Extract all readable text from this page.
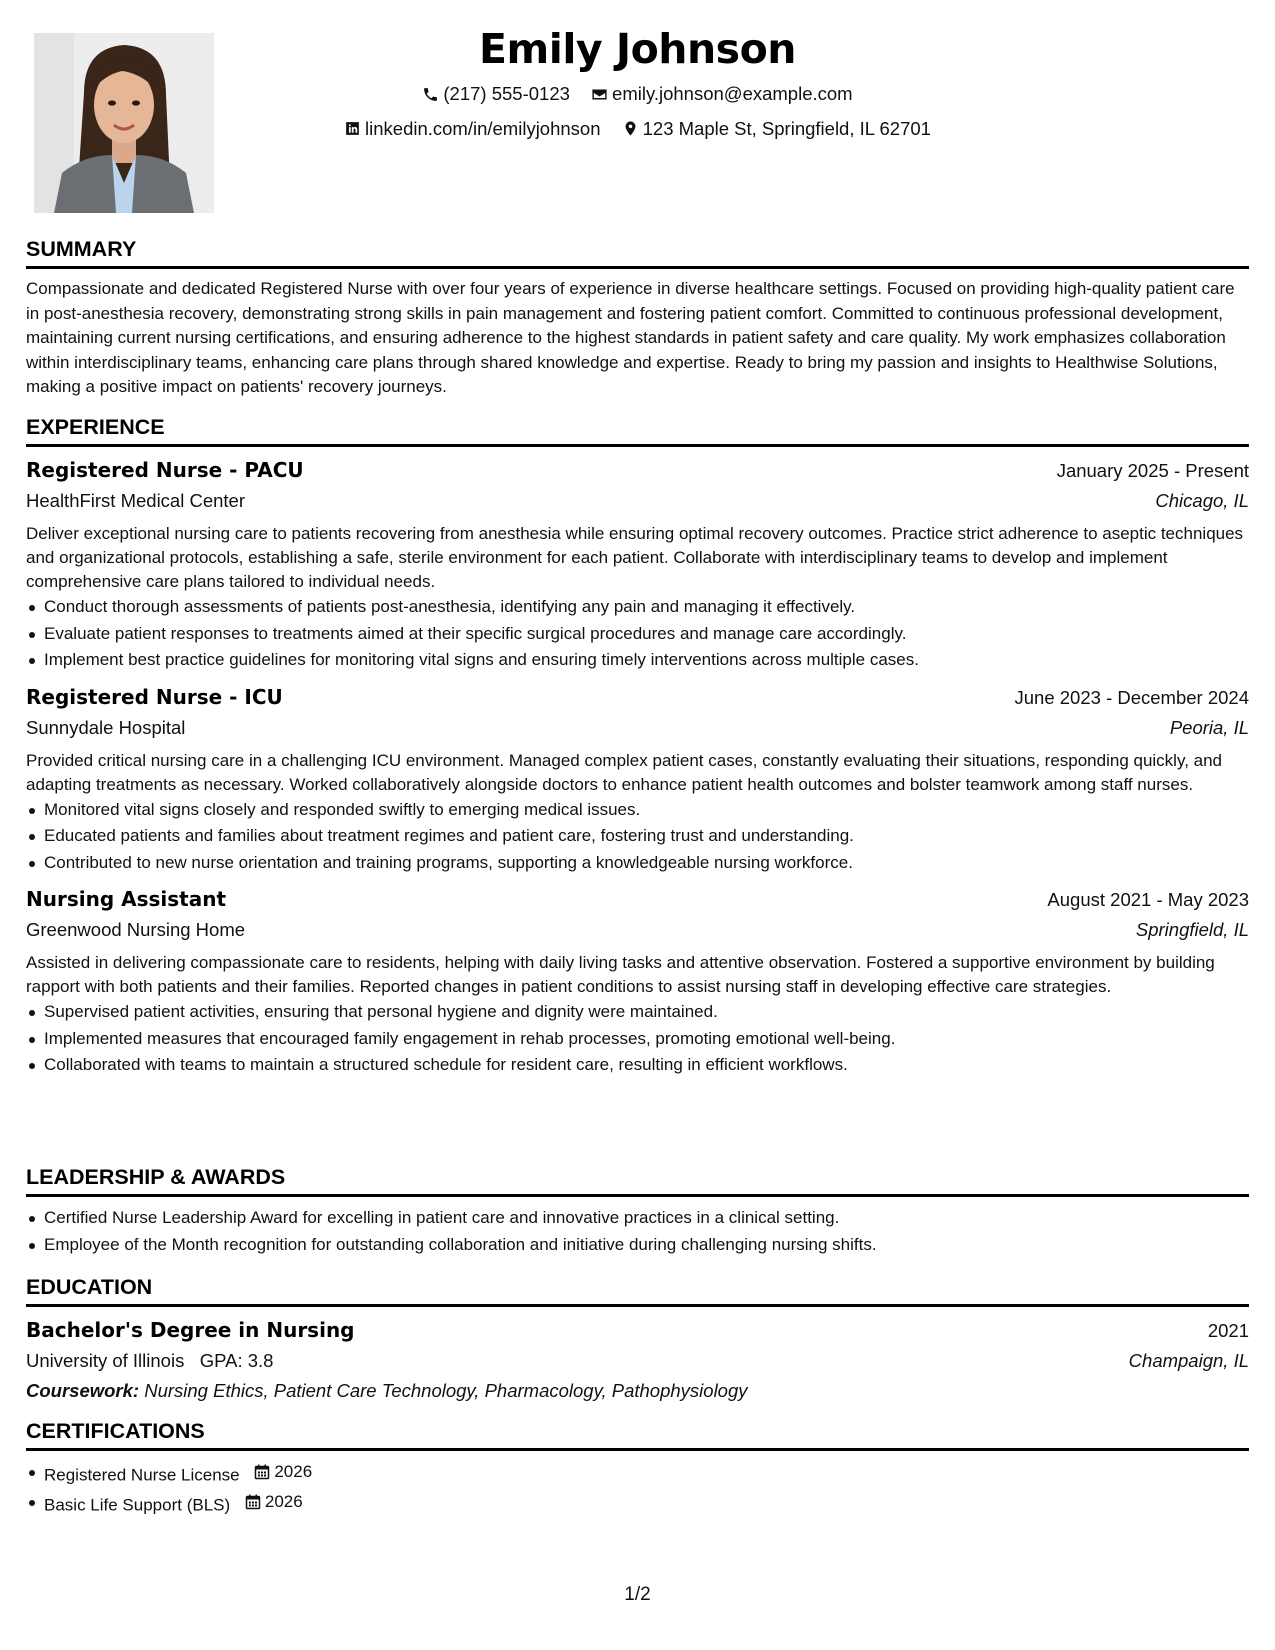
Emily Johnson
(217) 555-0123
emily.johnson@example.com
linkedin.com/in/emilyjohnson
123 Maple St, Springfield, IL 62701
SUMMARY
Compassionate and dedicated Registered Nurse with over four years of experience in diverse healthcare settings. Focused on providing high-quality patient care in post-anesthesia recovery, demonstrating strong skills in pain management and fostering patient comfort. Committed to continuous professional development, maintaining current nursing certifications, and ensuring adherence to the highest standards in patient safety and care quality. My work emphasizes collaboration within interdisciplinary teams, enhancing care plans through shared knowledge and expertise. Ready to bring my passion and insights to Healthwise Solutions, making a positive impact on patients' recovery journeys.
EXPERIENCE
Registered Nurse - PACU	January 2025 - Present
HealthFirst Medical Center	Chicago, IL
Deliver exceptional nursing care to patients recovering from anesthesia while ensuring optimal recovery outcomes. Practice strict adherence to aseptic techniques and organizational protocols, establishing a safe, sterile environment for each patient. Collaborate with interdisciplinary teams to develop and implement comprehensive care plans tailored to individual needs.
Conduct thorough assessments of patients post-anesthesia, identifying any pain and managing it effectively.
Evaluate patient responses to treatments aimed at their specific surgical procedures and manage care accordingly.
Implement best practice guidelines for monitoring vital signs and ensuring timely interventions across multiple cases.
Registered Nurse - ICU	June 2023 - December 2024
Sunnydale Hospital	Peoria, IL
Provided critical nursing care in a challenging ICU environment. Managed complex patient cases, constantly evaluating their situations, responding quickly, and adapting treatments as necessary. Worked collaboratively alongside doctors to enhance patient health outcomes and bolster teamwork among staff nurses.
Monitored vital signs closely and responded swiftly to emerging medical issues.
Educated patients and families about treatment regimes and patient care, fostering trust and understanding.
Contributed to new nurse orientation and training programs, supporting a knowledgeable nursing workforce.
Nursing Assistant	August 2021 - May 2023
Greenwood Nursing Home	Springfield, IL
Assisted in delivering compassionate care to residents, helping with daily living tasks and attentive observation. Fostered a supportive environment by building rapport with both patients and their families. Reported changes in patient conditions to assist nursing staff in developing effective care strategies.
Supervised patient activities, ensuring that personal hygiene and dignity were maintained.
Implemented measures that encouraged family engagement in rehab processes, promoting emotional well-being.
Collaborated with teams to maintain a structured schedule for resident care, resulting in efficient workflows.
LEADERSHIP & AWARDS
Certified Nurse Leadership Award for excelling in patient care and innovative practices in a clinical setting.
Employee of the Month recognition for outstanding collaboration and initiative during challenging nursing shifts.
EDUCATION
Bachelor's Degree in Nursing	2021
University of Illinois GPA: 3.8	Champaign, IL
Coursework: Nursing Ethics, Patient Care Technology, Pharmacology, Pathophysiology
CERTIFICATIONS
Registered Nurse License 2026
Basic Life Support (BLS) 2026
1/2
